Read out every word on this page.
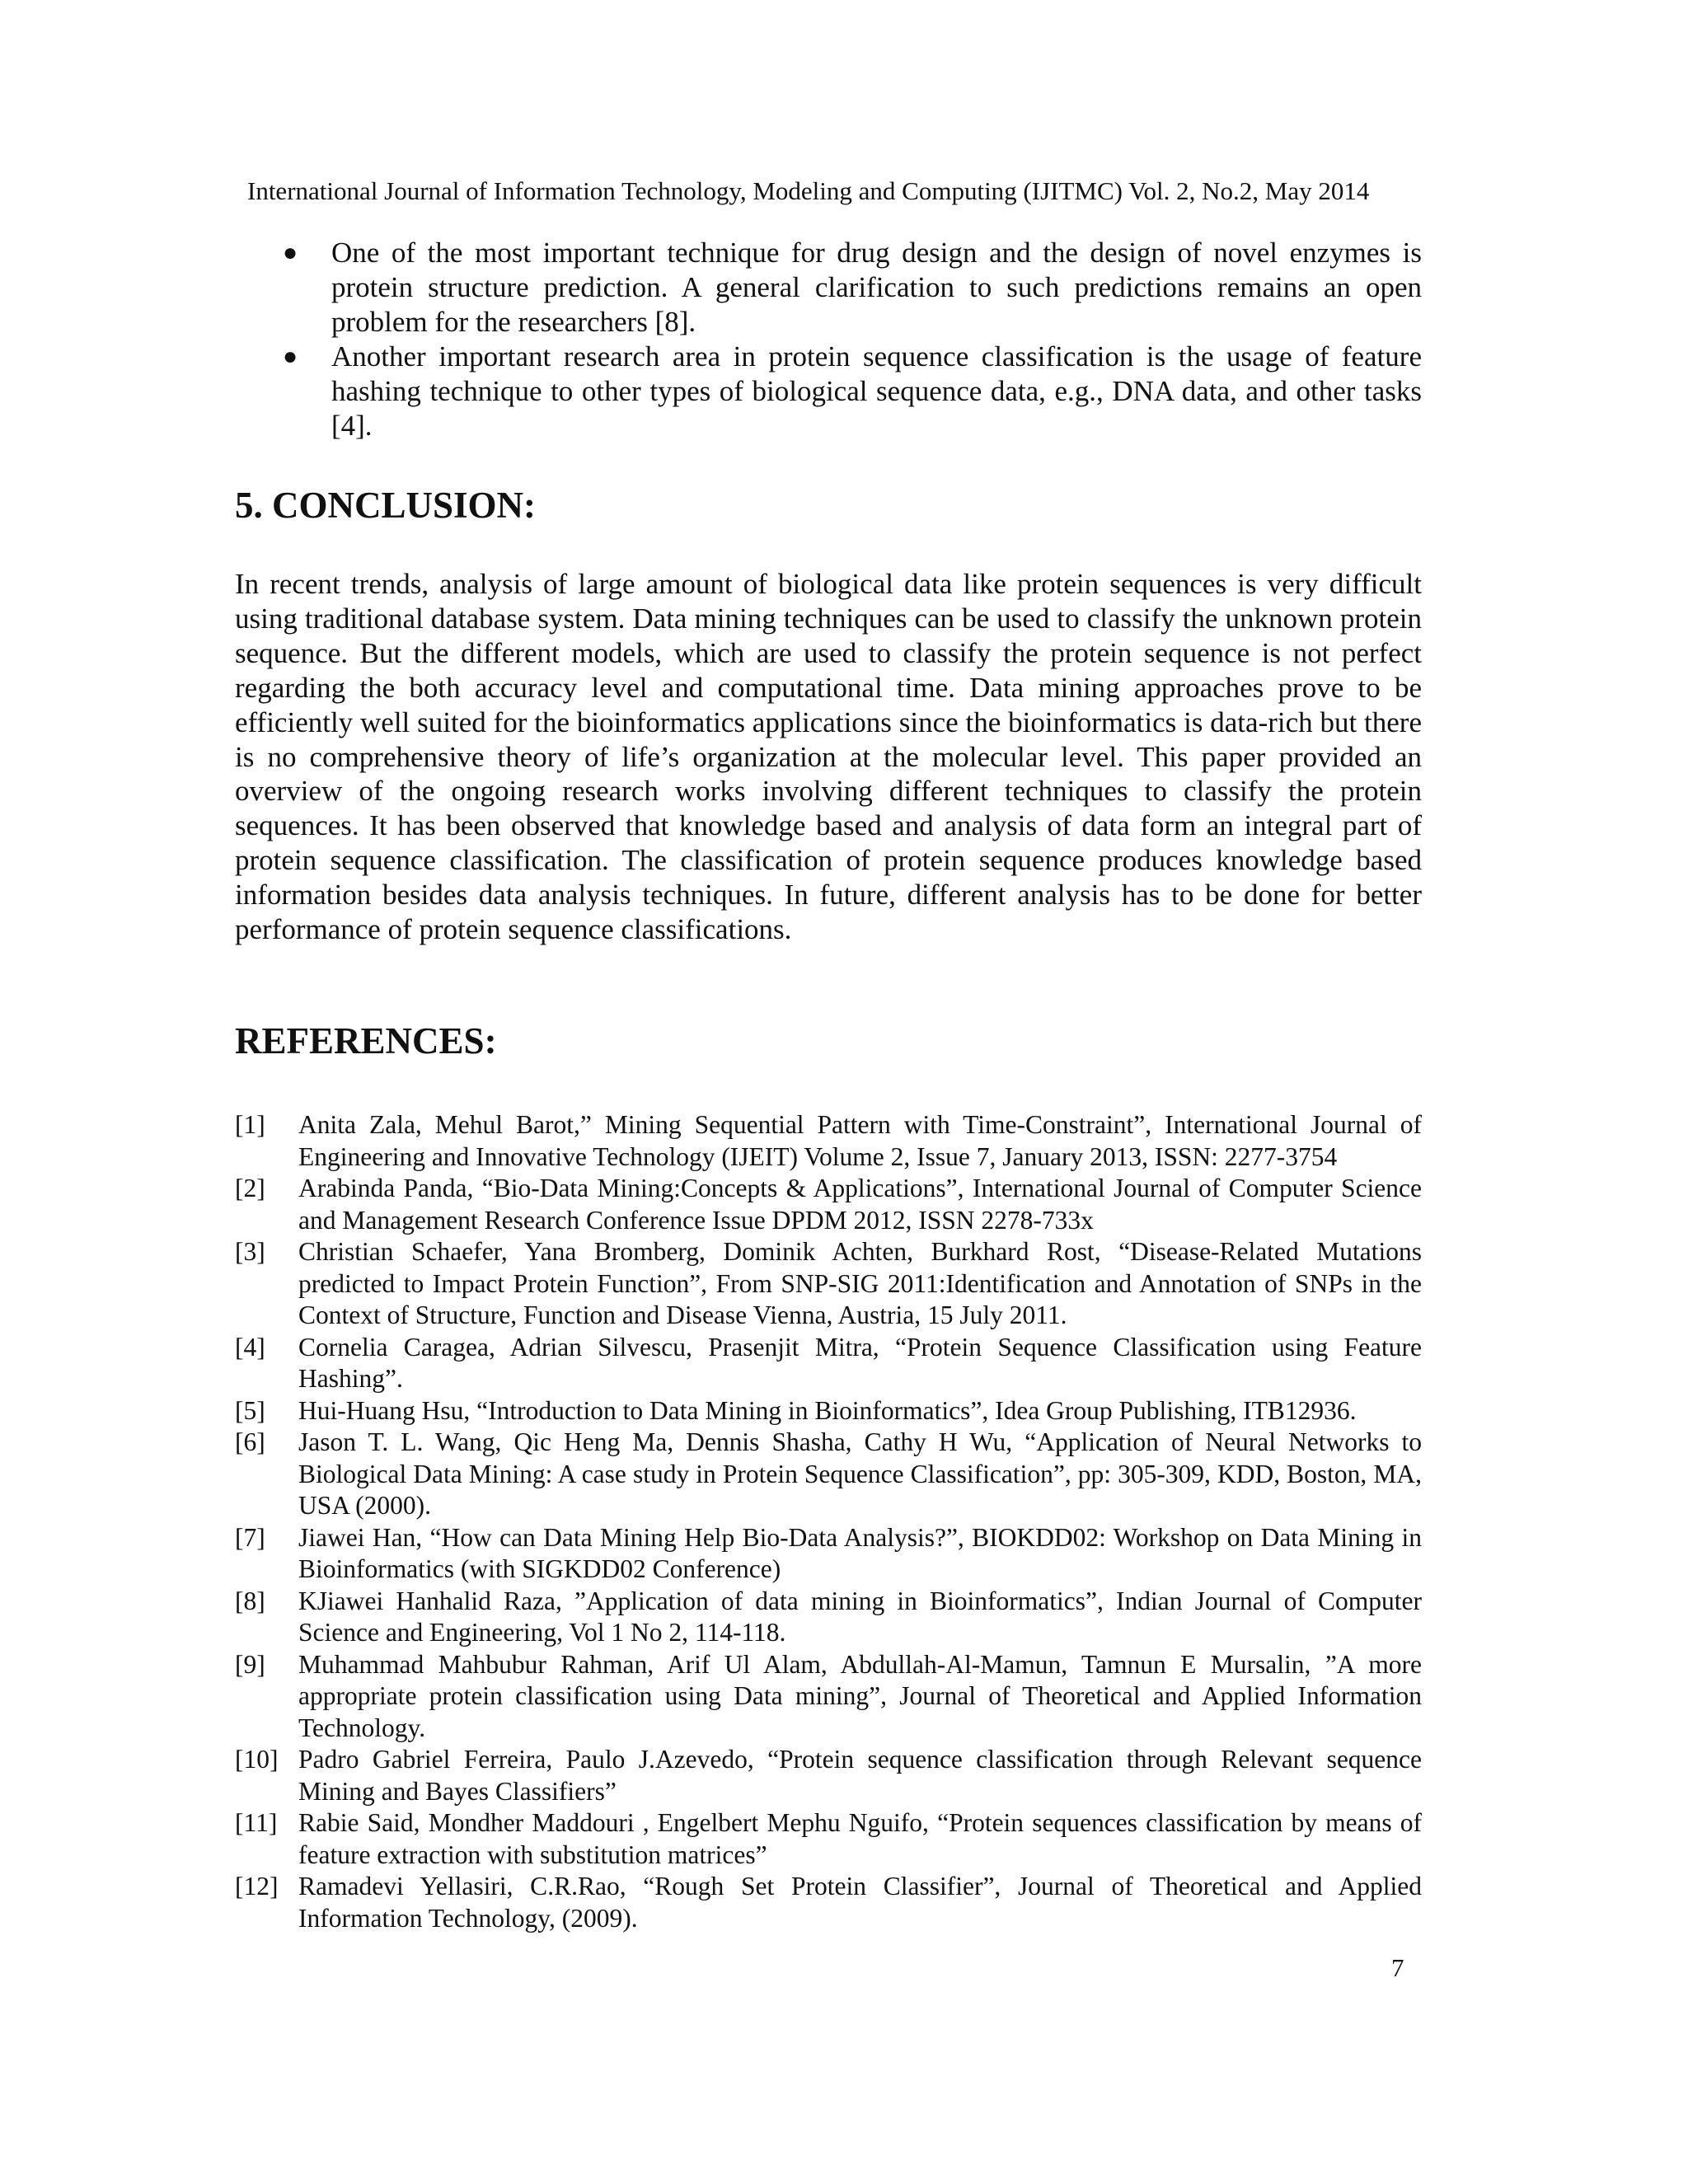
International Journal of Information Technology, Modeling and Computing (IJITMC) Vol. 2, No.2, May 2014
● One of the most important technique for drug design and the design of novel enzymes is protein structure prediction. A general clarification to such predictions remains an open problem for the researchers [8].
● Another important research area in protein sequence classification is the usage of feature hashing technique to other types of biological sequence data, e.g., DNA data, and other tasks [4].
5. CONCLUSION:

In recent trends, analysis of large amount of biological data like protein sequences is very difficult using traditional database system. Data mining techniques can be used to classify the unknown protein sequence. But the different models, which are used to classify the protein sequence is not perfect regarding the both accuracy level and computational time. Data mining approaches prove to be efficiently well suited for the bioinformatics applications since the bioinformatics is data-rich but there is no comprehensive theory of life’s organization at the molecular level. This paper provided an overview of the ongoing research works involving different techniques to classify the protein sequences. It has been observed that knowledge based and analysis of data form an integral part of protein sequence classification. The classification of protein sequence produces knowledge based information besides data analysis techniques. In future, different analysis has to be done for better performance of protein sequence classifications.

REFERENCES:
[1] Anita Zala, Mehul Barot,” Mining Sequential Pattern with Time-Constraint”, International Journal of Engineering and Innovative Technology (IJEIT) Volume 2, Issue 7, January 2013, ISSN: 2277-3754
[2] Arabinda Panda, “Bio-Data Mining:Concepts & Applications”, International Journal of Computer Science and Management Research Conference Issue DPDM 2012, ISSN 2278-733x
[3] Christian Schaefer, Yana Bromberg, Dominik Achten, Burkhard Rost, “Disease-Related Mutations predicted to Impact Protein Function”, From SNP-SIG 2011:Identification and Annotation of SNPs in the Context of Structure, Function and Disease Vienna, Austria, 15 July 2011.
[4] Cornelia Caragea, Adrian Silvescu, Prasenjit Mitra, “Protein Sequence Classification using Feature Hashing”.
[5] Hui-Huang Hsu, “Introduction to Data Mining in Bioinformatics”, Idea Group Publishing, ITB12936.
[6] Jason T. L. Wang, Qic Heng Ma, Dennis Shasha, Cathy H Wu, “Application of Neural Networks to Biological Data Mining: A case study in Protein Sequence Classification”, pp: 305-309, KDD, Boston, MA, USA (2000).
[7] Jiawei Han, “How can Data Mining Help Bio-Data Analysis?”, BIOKDD02: Workshop on Data Mining in Bioinformatics (with SIGKDD02 Conference)
[8] KJiawei Hanhalid Raza, ”Application of data mining in Bioinformatics”, Indian Journal of Computer Science and Engineering, Vol 1 No 2, 114-118.
[9] Muhammad Mahbubur Rahman, Arif Ul Alam, Abdullah-Al-Mamun, Tamnun E Mursalin, ”A more appropriate protein classification using Data mining”, Journal of Theoretical and Applied Information Technology.
[10] Padro Gabriel Ferreira, Paulo J.Azevedo, “Protein sequence classification through Relevant sequence Mining and Bayes Classifiers”
[11] Rabie Said, Mondher Maddouri , Engelbert Mephu Nguifo, “Protein sequences classification by means of feature extraction with substitution matrices”
[12] Ramadevi Yellasiri, C.R.Rao, “Rough Set Protein Classifier”, Journal of Theoretical and Applied Information Technology, (2009).
7
